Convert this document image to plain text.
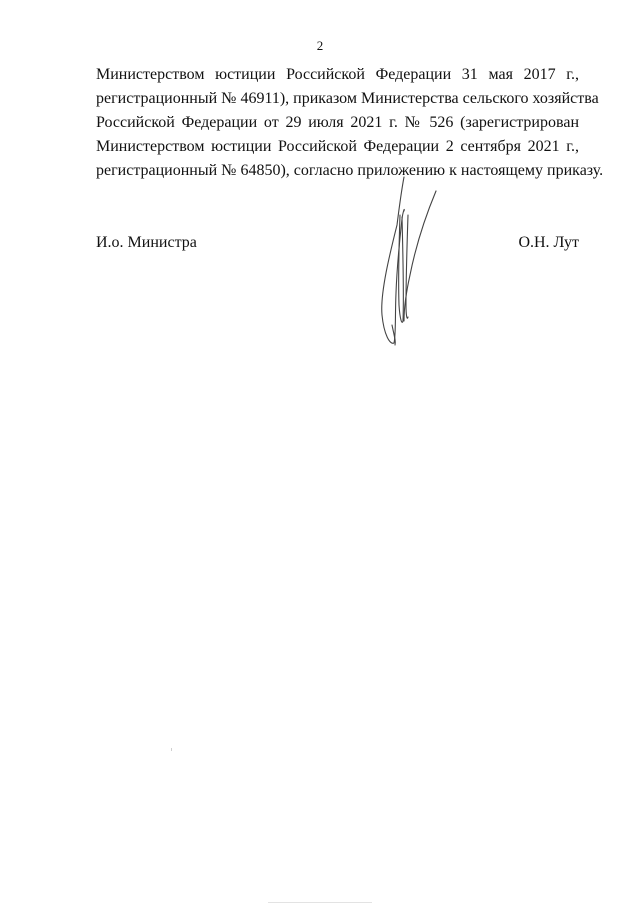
2

Министерством юстиции Российской Федерации 31 мая 2017 г.,
регистрационный № 46911), приказом Министерства сельского хозяйства
Российской Федерации от 29 июля 2021 г. № 526 (зарегистрирован
Министерством юстиции Российской Федерации 2 сентября 2021 г.,
регистрационный № 64850), согласно приложению к настоящему приказу.

И.о. Министра	О.Н. Лут
